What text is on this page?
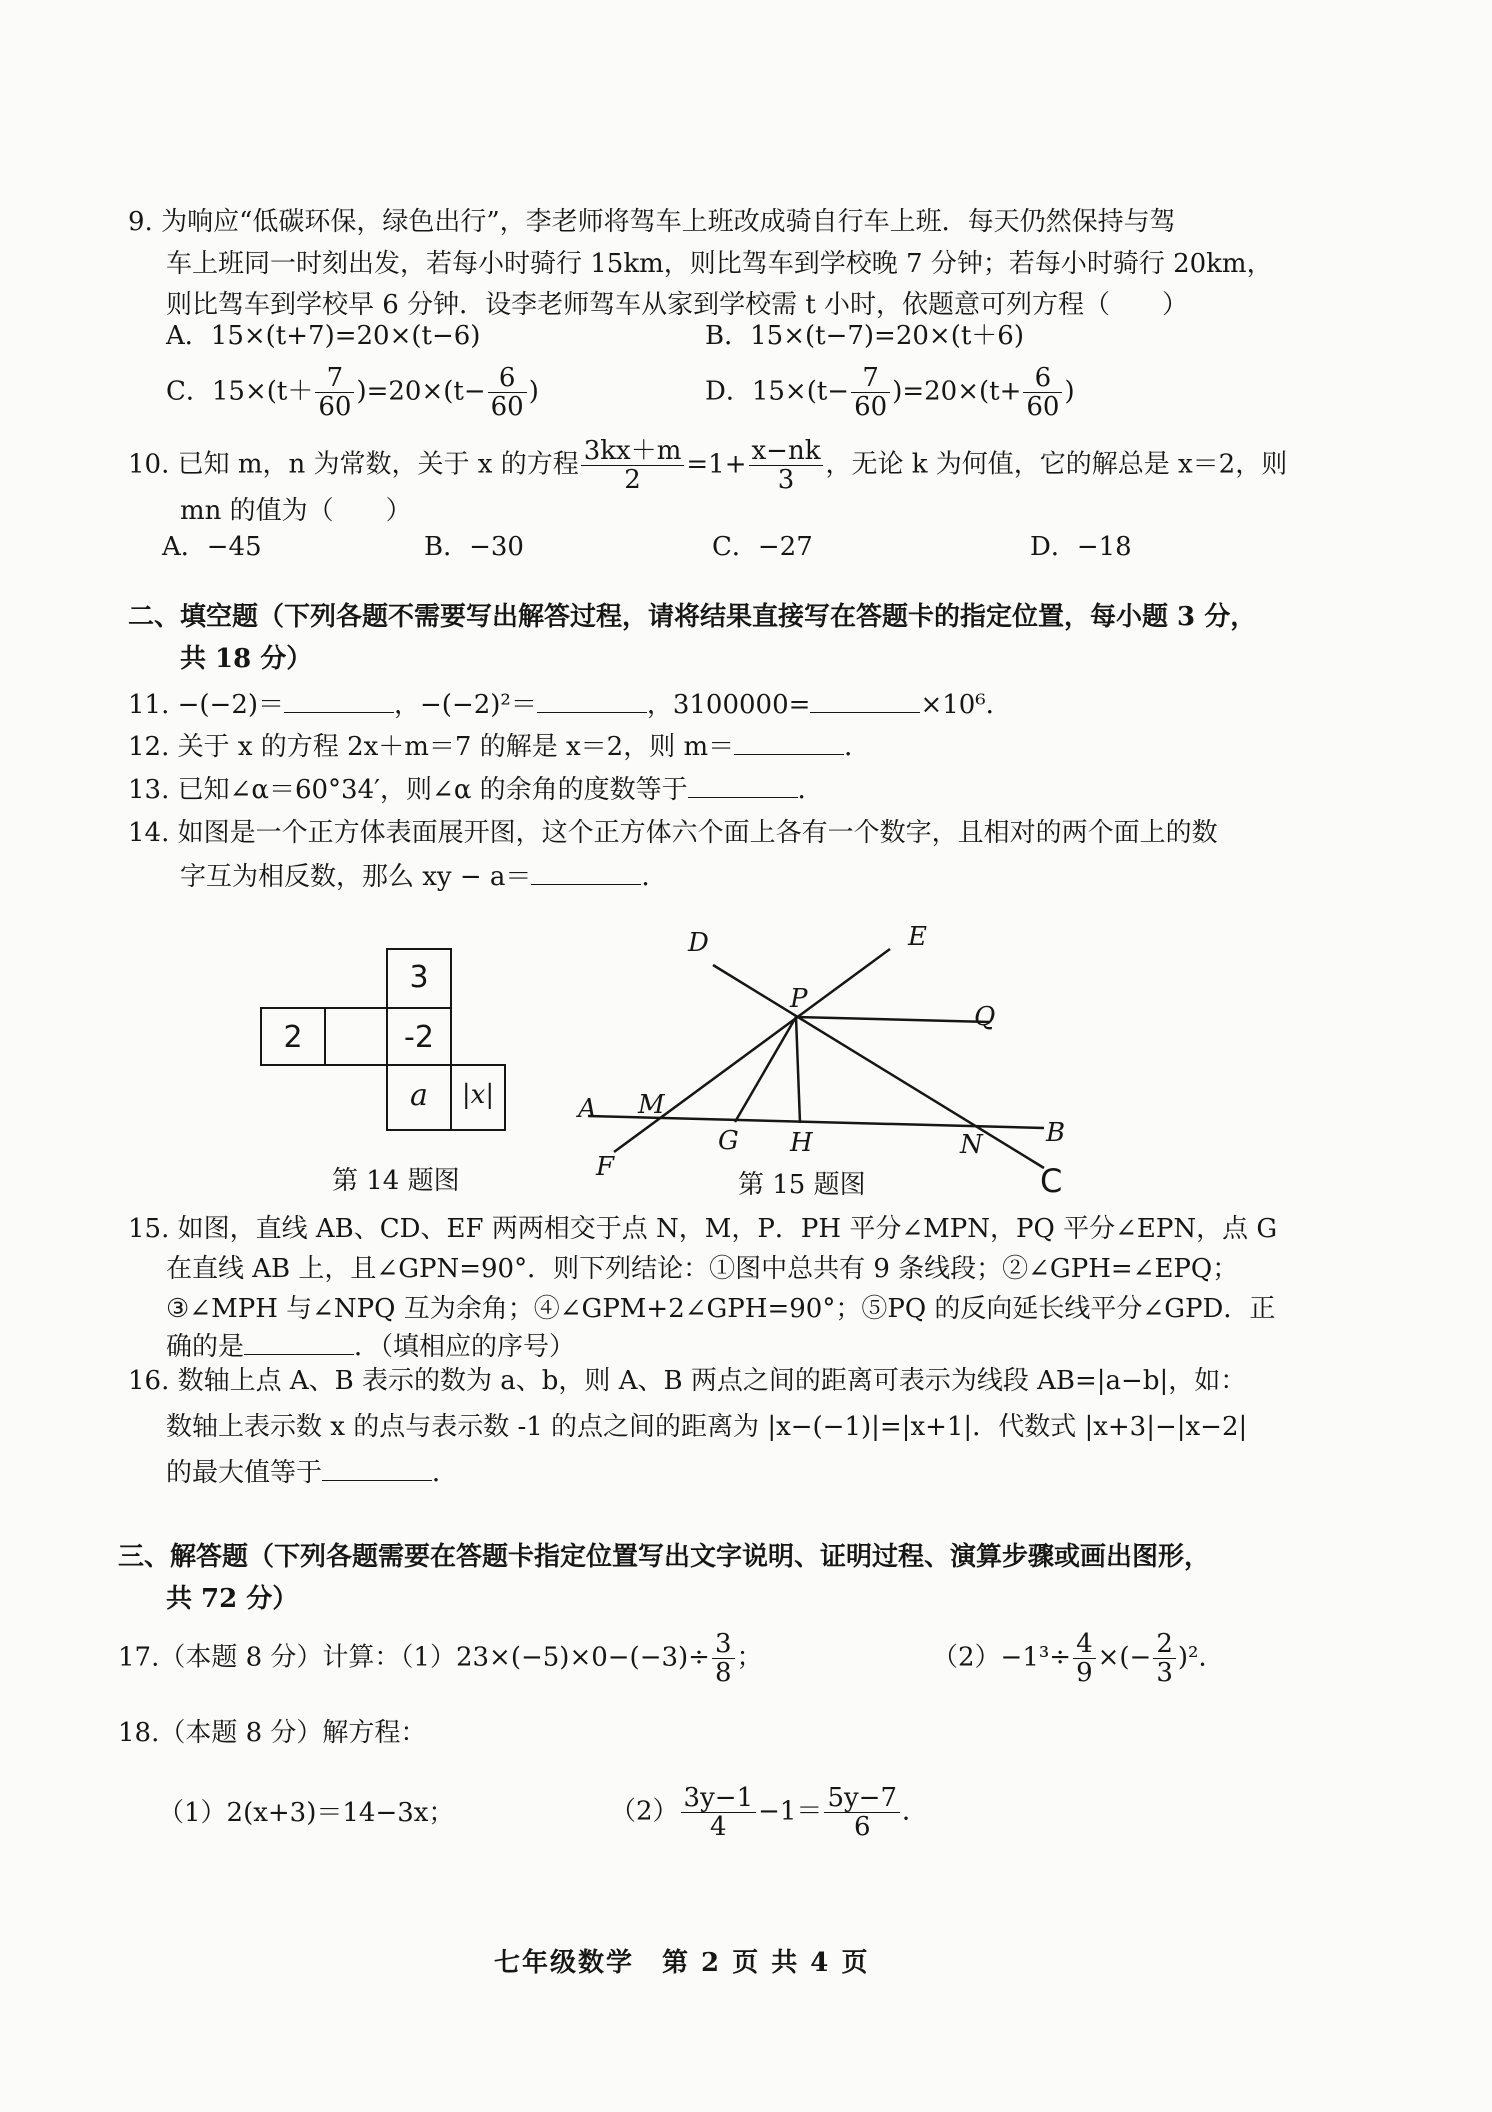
9. 为响应“低碳环保，绿色出行”，李老师将驾车上班改成骑自行车上班．每天仍然保持与驾
车上班同一时刻出发，若每小时骑行 15km，则比驾车到学校晚 7 分钟；若每小时骑行 20km，
则比驾车到学校早 6 分钟．设李老师驾车从家到学校需 t 小时，依题意可列方程（　　）
A．15×(t+7)=20×(t−6)	B．15×(t−7)=20×(t＋6)
C．$15\times(t+ \frac{7}{60} )=20\times(t- \frac{6}{60}$ )	D．$15\times(t- \frac{7}{60} )=20\times(t+ \frac{6}{60}$ )
10. 已知 m，n 为常数，关于 x 的方程 $\frac{3kx+m}{2} =1+ \frac{x-nk}{3}$ ，无论 k 为何值，它的解总是 x＝2，则
mn 的值为（　　）
A．−45	B．−30	C．−27	D．−18
二、填空题（下列各题不需要写出解答过程，请将结果直接写在答题卡的指定位置，每小题 3 分，
共 18 分）
11. −(−2)＝	，−(−2)²＝	，3100000=	×10⁶．
12. 关于 x 的方程 2x＋m＝7 的解是 x＝2，则 m＝	．
13. 已知∠α＝60°34′，则∠α 的余角的度数等于	．
14. 如图是一个正方体表面展开图，这个正方体六个面上各有一个数字，且相对的两个面上的数
字互为相反数，那么 xy − a＝	．
3
2	-2
a	|x|
第 14 题图
D	E
P
Q
A M
G H	N B
F	C
第 15 题图
15. 如图，直线 AB、CD、EF 两两相交于点 N，M，P．PH 平分∠MPN，PQ 平分∠EPN，点 G
在直线 AB 上，且∠GPN=90°．则下列结论：①图中总共有 9 条线段；②∠GPH=∠EPQ；
③∠MPH 与∠NPQ 互为余角；④∠GPM+2∠GPH=90°；⑤PQ 的反向延长线平分∠GPD．正
确的是	．（填相应的序号）
16. 数轴上点 A、B 表示的数为 a、b，则 A、B 两点之间的距离可表示为线段 AB=|a−b|，如：
数轴上表示数 x 的点与表示数 -1 的点之间的距离为 |x−(−1)|=|x+1|．代数式 |x+3|−|x−2|
的最大值等于	．
三、解答题（下列各题需要在答题卡指定位置写出文字说明、证明过程、演算步骤或画出图形，
共 72 分）
17.（本题 8 分）计算：$(1)23\times(-5)\times 0-(-3)\div \frac{3}{8}$ ；	$(2)-1^3\div \frac{4}{9}$ ×(− $\frac{2}{3} )^2$．
18.（本题 8 分）解方程：
（1）2(x+3)＝14−3x；	$(2) \frac{3y-1}{4} -1= \frac{5y-7}{6}$ ．
七年级数学　第 2 页 共 4 页
